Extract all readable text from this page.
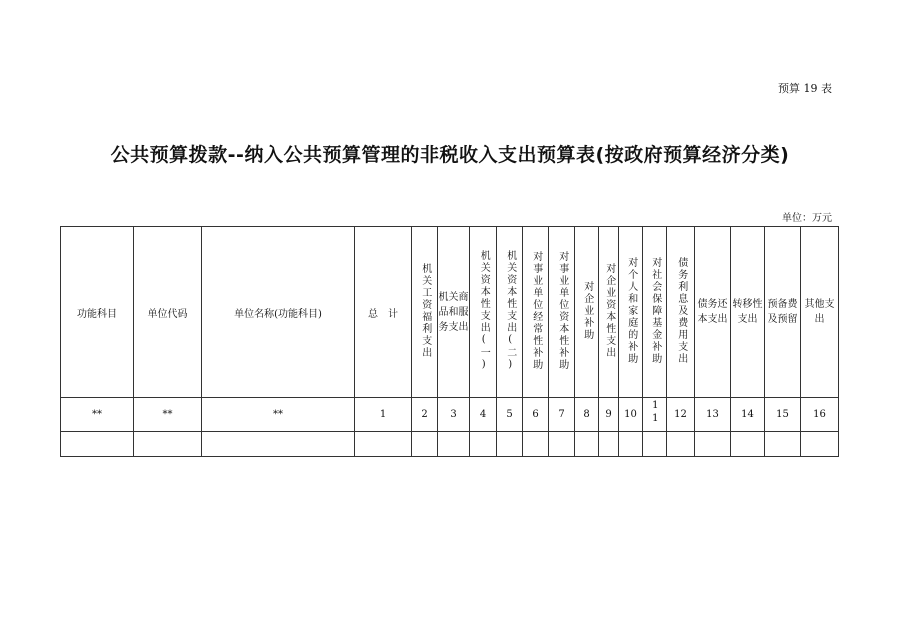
预算 19 表
公共预算拨款--纳入公共预算管理的非税收入支出预算表(按政府预算经济分类)
单位：万元
功能科目	单位代码	单位名称(功能科目)	总　计	机关工资福利支出	机关商品和服务支出	机关资本性支出(一)	机关资本性支出(二)	对事业单位经常性补助	对事业单位资本性补助	对企业补助	对企业资本性支出	对个人和家庭的补助	对社会保障基金补助	债务利息及费用支出	债务还本支出	转移性支出	预备费及预留	其他支出
**	**	**	1	2	3	4	5	6	7	8	9	10	11	12	13	14	15	16
